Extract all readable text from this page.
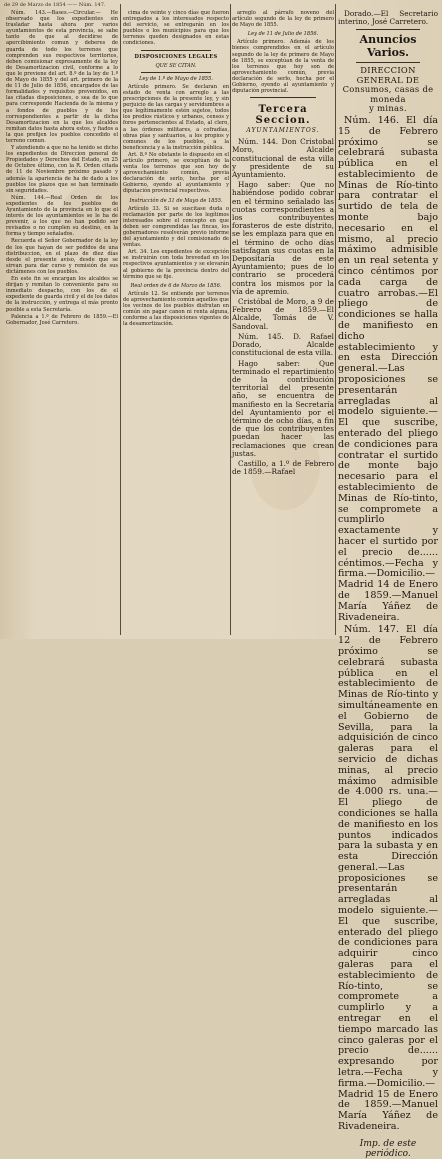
de 29 de Marzo de 1854 —— Núm. 147.

Núm. 143.—Bases.—Circular.— He observado que los expedientes sin trasladar hasta ahora por varios ayuntamientos de esta provincia, se sabe tanto de que al decidirse de apercibimiento comun y deberes de guarda de todo los terrenos que comprenden sus respectivos territorios, deben comisionar expresamente de la ley de Desamortizacion civil, conforme a lo que le previene del art. 8.º de la ley de 1.º de Mayo de 1855 y del art. primero de la de 11 de Julio de 1856, encargados de las formalidades y requisitos prevenidos, en las citadas disposiciones, o sea de lo que para corresponde Hacienda de la misma y a fondos de pueblos y de los correspondientes a partir de la dicha Desamortizacion en la que los alcaldes remitan datos hasta ahora estos, y fiados a la que prefijen los pueblos concedido el terreno comun.

Y atendiendo a que no ha tenido se dicho los expedientes de Direccion general de Propiedades y Derechos del Estado, en 25 de Octubre último, con la R. Orden citada de 11 de Noviembre próximo pasado y además la apariencia de ha de dado a los pueblos los plazos que se han terminado sin seguridades.

Núm. 144.—Real Orden de los expedientes de los pueblos de Ayuntamiento de la provincia en lo que el interés de los ayuntamientos se le ha de prevenir, a los que no han podido ser revisados o no cumplen su destino, en la forma y tiempo señalados.

Recuerda el Señor Gobernador de la ley de los que hayan de ser pedidos de una distribuccion, en el plazo de diez días desde el presente aviso, desde que se sirvan para dar curso y remisión de sus dictámenes con los pueblos.

En este fin se encargan los alcaldes se dirijan y remitan lo conveniente para su inmediato despacho, con los de el expediente de guarda civil y el de los datos de la instrucción, y entrega el más pronto posible a esta Secretaría.

Palencia a 1.º de Febrero de 1859.—El Gobernador, José Carretero.

cima de veinte y cinco días que fueron entregados a los interesados respecto del servicio, se entregarán en los pueblos o los municipios para que los terrenos queden designados en estas condiciones.

DISPOSICIONES LEGALES

QUE SE CITAN.

Ley de 1.º de Mayo de 1855.

Artículo primero. Se declaran en estado de venta con arreglo a las prescripciones de la presente ley, y sin perjuicio de las cargas y servidumbres a que legítimamente estén sujetos, todos los predios rústicos y urbanos, censos y foros pertenecientes al Estado, al clero, a las órdenes militares, a cofradías, obras pías y santuarios, a los propios y comunes de los pueblos, a la beneficencia y a la instrucción pública.

Art. 8.º No obstante lo dispuesto en el artículo primero, se exceptúan de la venta los terrenos que son hoy de aprovechamiento común, previa declaración de serlo, hecha por el Gobierno, oyendo al ayuntamiento y diputación provincial respectivos.

Instrucción de 31 de Mayo de 1855.

Artículo 33. Si se suscitase duda o reclamación por parte de los legítimos interesados sobre el concepto en que deben ser comprendidas las fincas, los gobernadores resolverán previo informe del ayuntamiento y del comisionado de ventas.

Art. 34. Los expedientes de excepción se instruirán con toda brevedad en los respectivos ayuntamientos y se elevarán al gobierno de la provincia dentro del término que se fije.

Real orden de 6 de Marzo de 1856.

Artículo 12. Se entiende por terrenos de aprovechamiento común aquellos que los vecinos de los pueblos disfrutan en común sin pagar canon ni renta alguna, conforme a las disposiciones vigentes de la desamortización.

arreglo al párrafo noveno del artículo segundo de la ley de primero de Mayo de 1855.

Ley de 11 de Julio de 1856.

Artículo primero. Además de los bienes comprendidos en el artículo segundo de la ley de primero de Mayo de 1855, se exceptúan de la venta de los terrenos que hoy son de aprovechamiento común, previa declaración de serlo, hecha por el Gobierno, oyendo al ayuntamiento y diputación provincial.

Tercera Seccion.
AYUNTAMIENTOS.

Núm. 144. Don Cristobal Moro, Alcalde constitucional de esta villa y presidente de su Ayuntamiento.

Hago saber: Que no habiéndose podido cobrar en el término señalado las cuotas correspondientes a los contribuyentes forasteros de este distrito, se les emplaza para que en el término de ocho días satisfagan sus cuotas en la Depositaría de este Ayuntamiento; pues de lo contrario se procederá contra los mismos por la vía de apremio.

Cristóbal de Moro, a 9 de Febrero de 1859.—El Alcalde, Tomás de V. Sandoval.

Núm. 145. D. Rafael Dorado, Alcalde constitucional de esta villa.

Hago saber: Que terminado el repartimiento de la contribución territorial del presente año, se encuentra de manifiesto en la Secretaría del Ayuntamiento por el término de ocho días, a fin de que los contribuyentes puedan hacer las reclamaciones que crean justas.

Castillo, a 1.º de Febrero de 1859.—Rafael

Dorado.—El Secretario interino, José Carretero.

Anuncios Varios.
DIRECCION GENERAL DE
Consumos, casas de moneda
y minas.

Núm. 146. El día 15 de Febrero próximo se celebrará subasta pública en el establecimiento de Minas de Río-tinto para contratar el surtido de tela de monte bajo necesario en el mismo, al precio máximo admisible en un real setenta y cinco céntimos por cada carga de cuatro arrobas.—El pliego de condiciones se halla de manifiesto en dicho establecimiento y en esta Dirección general.—Las proposiciones se presentarán arregladas al modelo siguiente.—El que suscribe, enterado del pliego de condiciones para contratar el surtido de monte bajo necesario para el establecimiento de Minas de Río-tinto, se compromete a cumplirlo exactamente y hacer el surtido por el precio de...... céntimos.—Fecha y firma.—Domicilio.—Madrid 14 de Enero de 1859.—Manuel María Yáñez de Rivadeneira.

Núm. 147. El día 12 de Febrero próximo se celebrará subasta pública en el establecimiento de Minas de Río-tinto y simultáneamente en el Gobierno de Sevilla, para la adquisición de cinco galeras para el servicio de dichas minas, al precio máximo admisible de 4.000 rs. una.—El pliego de condiciones se halla de manifiesto en los puntos indicados para la subasta y en esta Dirección general.—Las proposiciones se presentarán arregladas al modelo siguiente.—El que suscribe, enterado del pliego de condiciones para adquirir cinco galeras para el establecimiento de Río-tinto, se compromete a cumplirlo y a entregar en el tiempo marcado las cinco galeras por el precio de...... expresando por letra.—Fecha y firma.—Domicilio.—Madrid 15 de Enero de 1859.—Manuel María Yáñez de Rivadeneira.

Imp. de este periódico.
